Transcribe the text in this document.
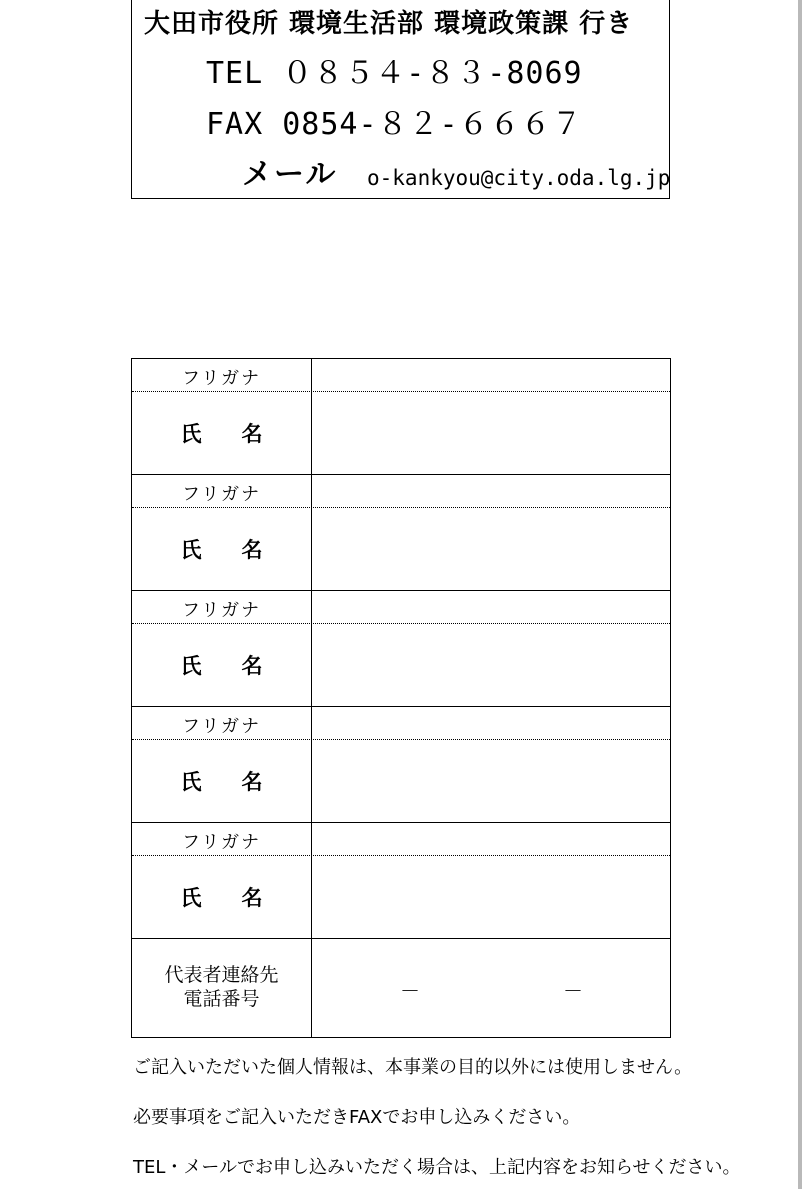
大田市役所 環境生活部 環境政策課 行き
TEL ０８５４-８３-8069
FAX 0854-８２-６６６７
メール o-kankyou@city.oda.lg.jp
フリガナ
氏 名
フリガナ
氏 名
フリガナ
氏 名
フリガナ
氏 名
フリガナ
氏 名
代表者連絡先
電話番号	－	－
ご記入いただいた個人情報は、本事業の目的以外には使用しません。
必要事項をご記入いただきFAXでお申し込みください。
TEL・メールでお申し込みいただく場合は、上記内容をお知らせください。
